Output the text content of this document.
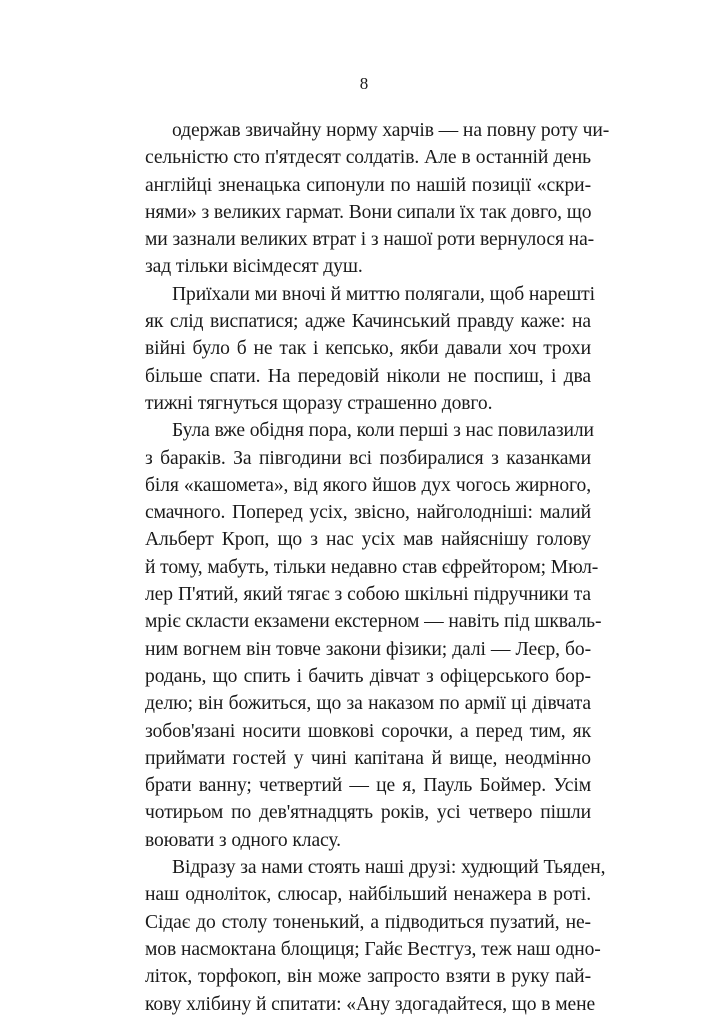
8

одержав звичайну норму харчів — на повну роту чи-
сельністю сто п'ятдесят солдатів. Але в останній день
англійці зненацька сипонули по нашій позиції «скри-
нями» з великих гармат. Вони сипали їх так довго, що
ми зазнали великих втрат і з нашої роти вернулося на-
зад тільки вісімдесят душ.

Приїхали ми вночі й миттю полягали, щоб нарешті
як слід виспатися; адже Качинський правду каже: на
війні було б не так і кепсько, якби давали хоч трохи
більше спати. На передовій ніколи не поспиш, і два
тижні тягнуться щоразу страшенно довго.

Була вже обідня пора, коли перші з нас повилазили
з бараків. За півгодини всі позбиралися з казанками
біля «кашомета», від якого йшов дух чогось жирного,
смачного. Поперед усіх, звісно, найголодніші: малий
Альберт Кроп, що з нас усіх мав найяснішу голову
й тому, мабуть, тільки недавно став єфрейтором; Мюл-
лер П'ятий, який тягає з собою шкільні підручники та
мріє скласти екзамени екстерном — навіть під шкваль-
ним вогнем він товче закони фізики; далі — Леєр, бо-
родань, що спить і бачить дівчат з офіцерського бор-
делю; він божиться, що за наказом по армії ці дівчата
зобов'язані носити шовкові сорочки, а перед тим, як
приймати гостей у чині капітана й вище, неодмінно
брати ванну; четвертий — це я, Пауль Боймер. Усім
чотирьом по дев'ятнадцять років, усі четверо пішли
воювати з одного класу.

Відразу за нами стоять наші друзі: худющий Тьяден,
наш одноліток, слюсар, найбільший ненажера в роті.
Сідає до столу тоненький, а підводиться пузатий, не-
мов насмоктана блощиця; Гайє Вестгуз, теж наш одно-
літок, торфокоп, він може запросто взяти в руку пай-
кову хлібину й спитати: «Ану здогадайтеся, що в мене
